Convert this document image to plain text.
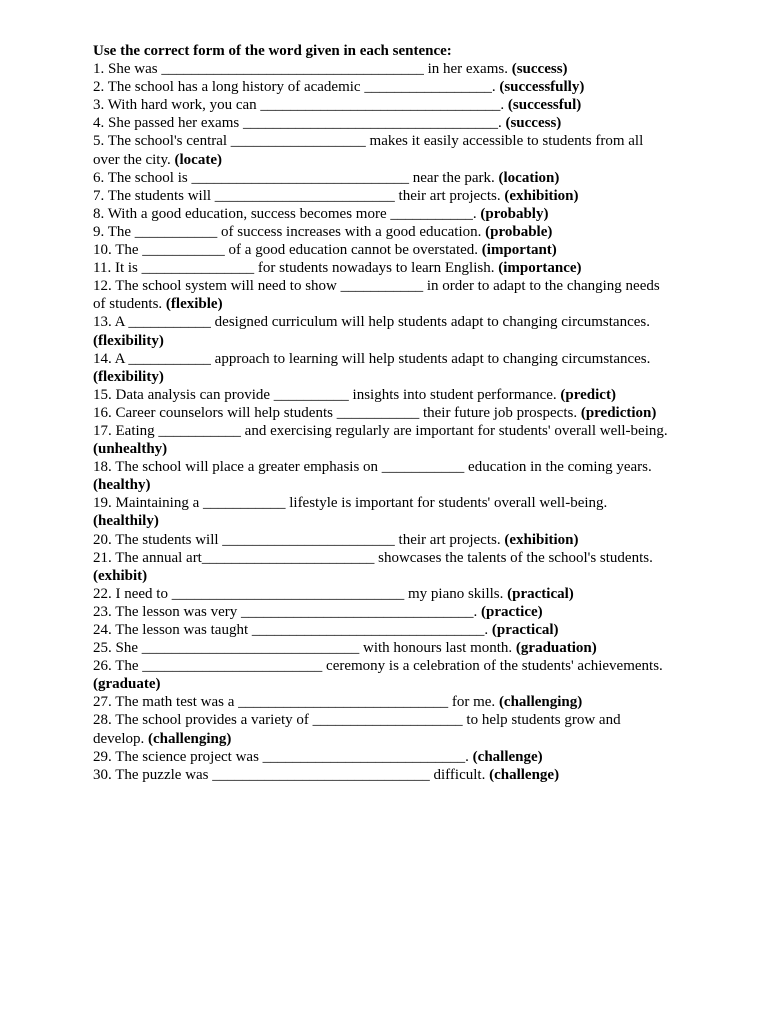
Use the correct form of the word given in each sentence:
1. She was ___________________________________ in her exams. (success)
2. The school has a long history of academic _________________. (successfully)
3. With hard work, you can ________________________________. (successful)
4. She passed her exams __________________________________. (success)
5. The school's central __________________ makes it easily accessible to students from all over the city. (locate)
6. The school is _____________________________ near the park. (location)
7. The students will ________________________ their art projects. (exhibition)
8. With a good education, success becomes more ___________. (probably)
9. The ___________ of success increases with a good education. (probable)
10. The ___________ of a good education cannot be overstated. (important)
11. It is _______________ for students nowadays to learn English. (importance)
12. The school system will need to show ___________ in order to adapt to the changing needs of students. (flexible)
13. A ___________ designed curriculum will help students adapt to changing circumstances. (flexibility)
14. A ___________ approach to learning will help students adapt to changing circumstances. (flexibility)
15. Data analysis can provide __________ insights into student performance. (predict)
16. Career counselors will help students ___________ their future job prospects. (prediction)
17. Eating ___________ and exercising regularly are important for students' overall well-being. (unhealthy)
18. The school will place a greater emphasis on ___________ education in the coming years. (healthy)
19. Maintaining a ___________ lifestyle is important for students' overall well-being. (healthily)
20. The students will _______________________ their art projects. (exhibition)
21. The annual art_______________________ showcases the talents of the school's students. (exhibit)
22. I need to _______________________________ my piano skills. (practical)
23. The lesson was very _______________________________. (practice)
24. The lesson was taught _______________________________. (practical)
25. She _____________________________ with honours last month. (graduation)
26. The ________________________ ceremony is a celebration of the students' achievements. (graduate)
27. The math test was a ____________________________ for me. (challenging)
28. The school provides a variety of ____________________ to help students grow and develop. (challenging)
29. The science project was ___________________________. (challenge)
30. The puzzle was _____________________________ difficult. (challenge)
